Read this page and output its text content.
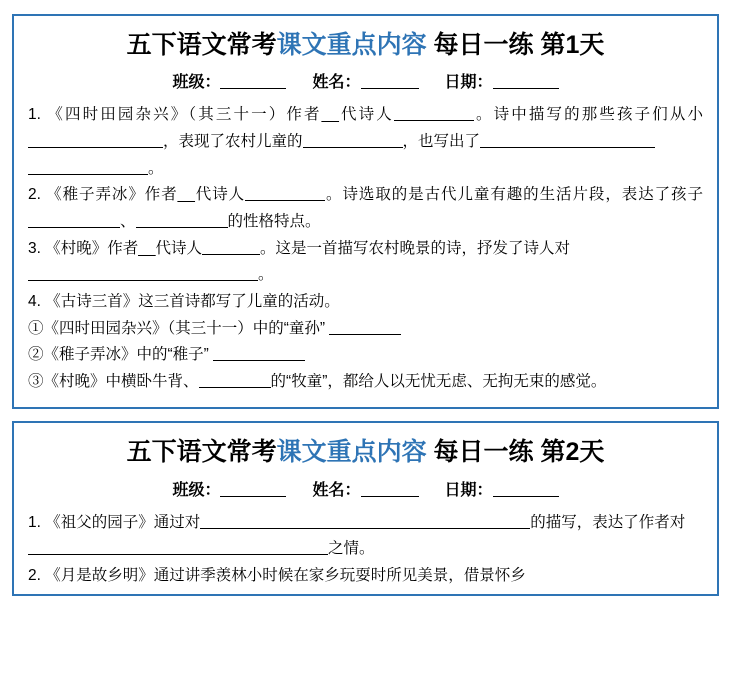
五下语文常考课文重点内容 每日一练 第1天
班级：	姓名：	日期：

1. 《四时田园杂兴》（其三十一）作者__代诗人	。诗中描写的那些孩子们从小，表现了农村儿童的	，也写出了
。

2. 《稚子弄冰》作者__代诗人	。诗选取的是古代儿童有趣的生活片段，表达了孩子、	的性格特点。

3. 《村晚》作者__代诗人	。这是一首描写农村晚景的诗，抒发了诗人对
。

4. 《古诗三首》这三首诗都写了儿童的活动。

①《四时田园杂兴》（其三十一）中的“童孙”

②《稚子弄冰》中的“稚子”

③《村晚》中横卧牛背、	的“牧童”，都给人以无忧无虑、无拘无束的感觉。

五下语文常考课文重点内容 每日一练 第2天
班级：	姓名：	日期：

1. 《祖父的园子》通过对	的描写，表达了作者对
之情。

2. 《月是故乡明》通过讲季羡林小时候在家乡玩耍时所见美景，借景怀乡
